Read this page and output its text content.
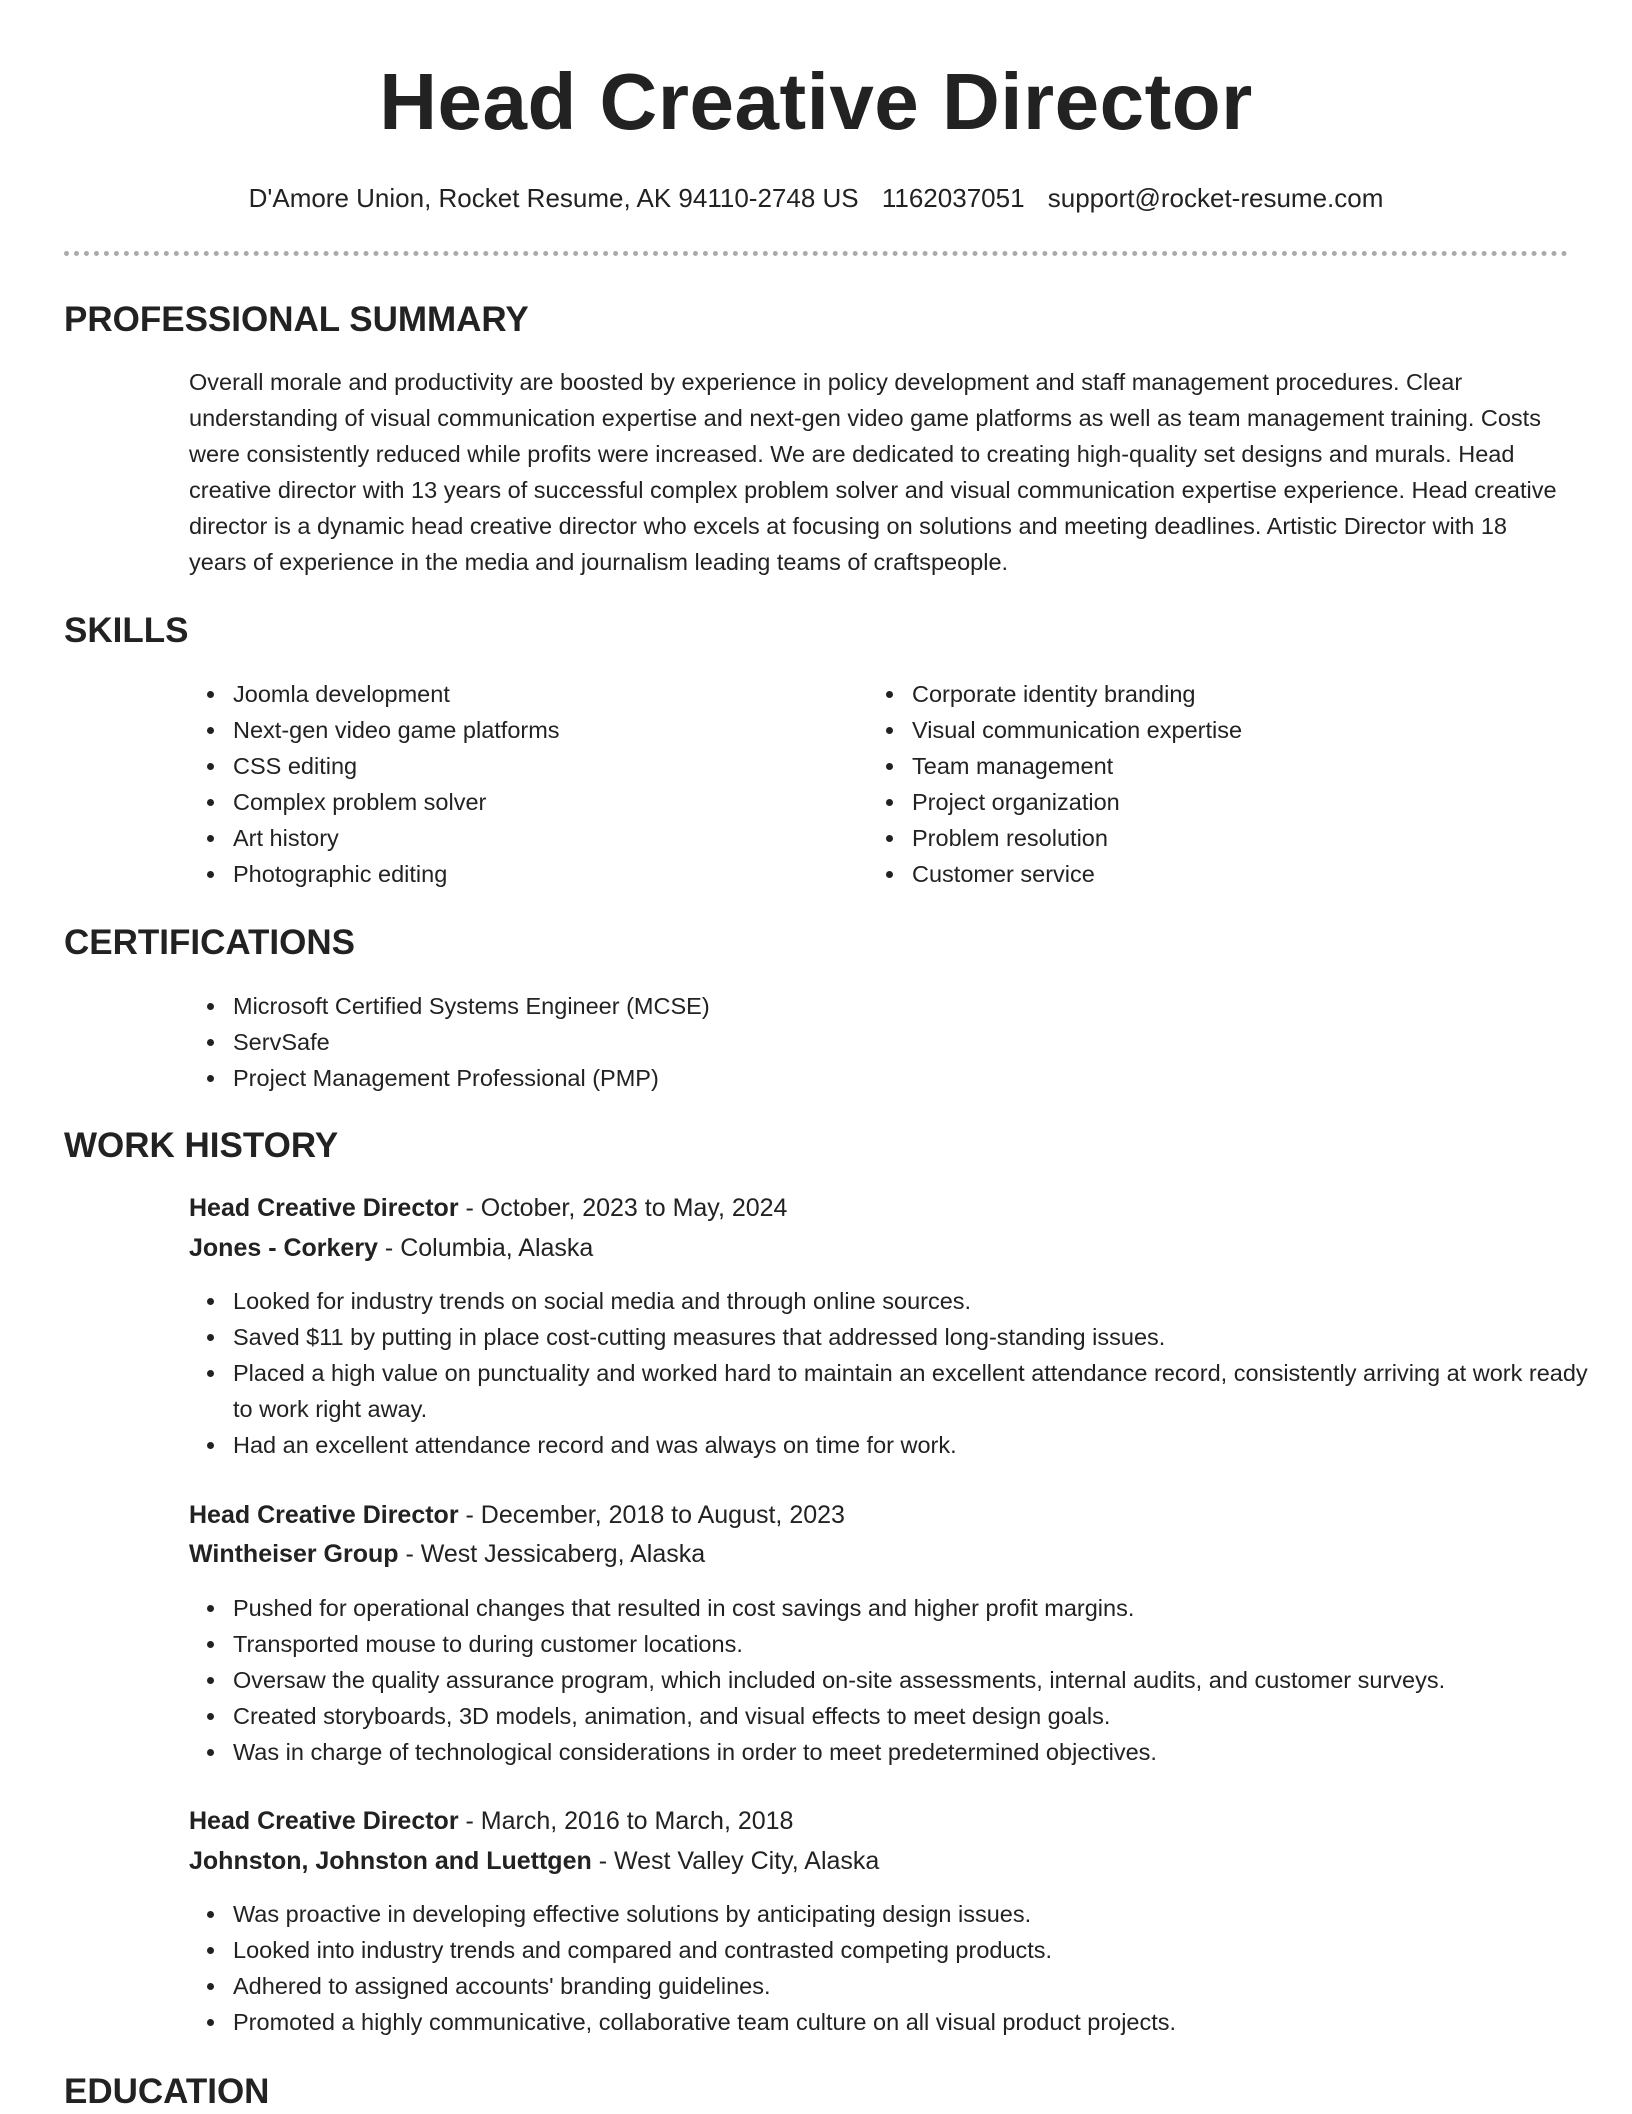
Head Creative Director
D'Amore Union, Rocket Resume, AK 94110-2748 US 1162037051 support@rocket-resume.com
PROFESSIONAL SUMMARY

Overall morale and productivity are boosted by experience in policy development and staff management procedures. Clear understanding of visual communication expertise and next-gen video game platforms as well as team management training. Costs were consistently reduced while profits were increased. We are dedicated to creating high-quality set designs and murals. Head creative director with 13 years of successful complex problem solver and visual communication expertise experience. Head creative director is a dynamic head creative director who excels at focusing on solutions and meeting deadlines. Artistic Director with 18 years of experience in the media and journalism leading teams of craftspeople.

SKILLS
Joomla development
Next-gen video game platforms
CSS editing
Complex problem solver
Art history
Photographic editing
Corporate identity branding
Visual communication expertise
Team management
Project organization
Problem resolution
Customer service
CERTIFICATIONS
Microsoft Certified Systems Engineer (MCSE)
ServSafe
Project Management Professional (PMP)
WORK HISTORY
Head Creative Director - October, 2023 to May, 2024
Jones - Corkery - Columbia, Alaska
Looked for industry trends on social media and through online sources.
Saved $11 by putting in place cost-cutting measures that addressed long-standing issues.
Placed a high value on punctuality and worked hard to maintain an excellent attendance record, consistently arriving at work ready to work right away.
Had an excellent attendance record and was always on time for work.
Head Creative Director - December, 2018 to August, 2023
Wintheiser Group - West Jessicaberg, Alaska
Pushed for operational changes that resulted in cost savings and higher profit margins.
Transported mouse to during customer locations.
Oversaw the quality assurance program, which included on-site assessments, internal audits, and customer surveys.
Created storyboards, 3D models, animation, and visual effects to meet design goals.
Was in charge of technological considerations in order to meet predetermined objectives.
Head Creative Director - March, 2016 to March, 2018
Johnston, Johnston and Luettgen - West Valley City, Alaska
Was proactive in developing effective solutions by anticipating design issues.
Looked into industry trends and compared and contrasted competing products.
Adhered to assigned accounts' branding guidelines.
Promoted a highly communicative, collaborative team culture on all visual product projects.
EDUCATION
